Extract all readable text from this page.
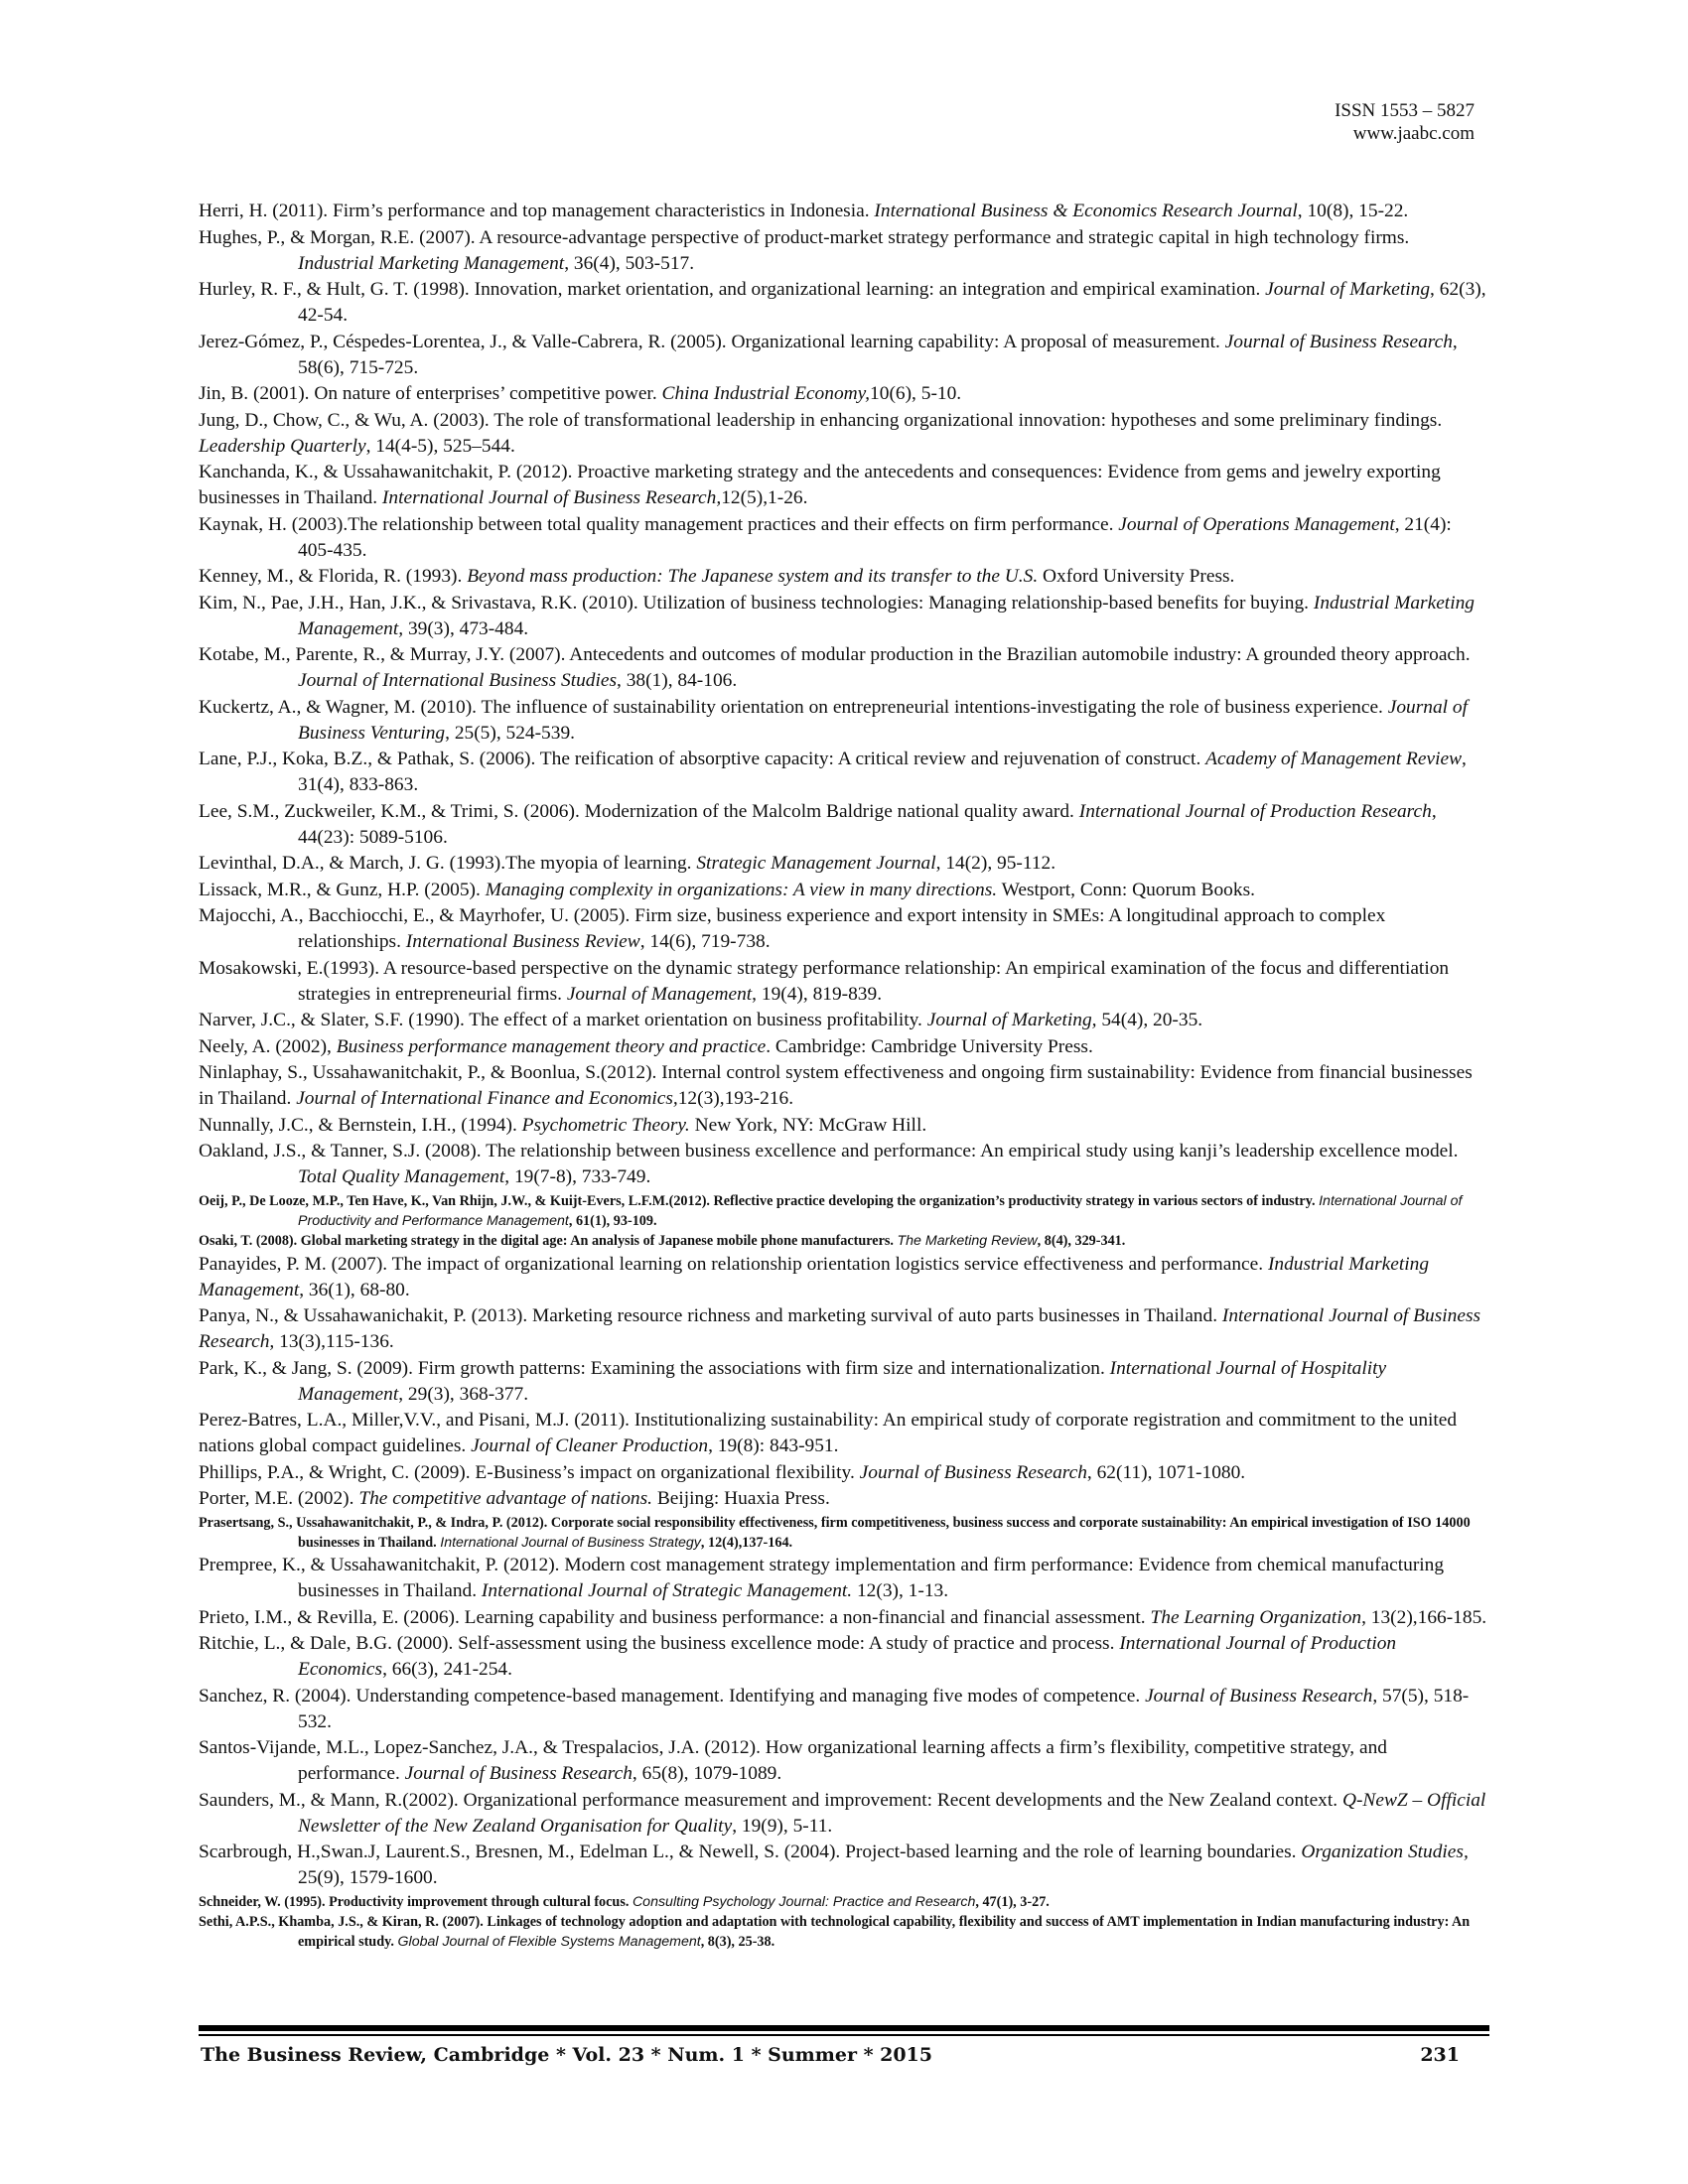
ISSN 1553 – 5827
www.jaabc.com

Herri, H. (2011). Firm’s performance and top management characteristics in Indonesia. International Business & Economics Research Journal, 10(8), 15-22.

Hughes, P., & Morgan, R.E. (2007). A resource-advantage perspective of product-market strategy performance and strategic capital in high technology firms. Industrial Marketing Management, 36(4), 503-517.

Hurley, R. F., & Hult, G. T. (1998). Innovation, market orientation, and organizational learning: an integration and empirical examination. Journal of Marketing, 62(3), 42-54.

Jerez-Gómez, P., Céspedes-Lorentea, J., & Valle-Cabrera, R. (2005). Organizational learning capability: A proposal of measurement. Journal of Business Research, 58(6), 715-725.

Jin, B. (2001). On nature of enterprises’ competitive power. China Industrial Economy,10(6), 5-10.

Jung, D., Chow, C., & Wu, A. (2003). The role of transformational leadership in enhancing organizational innovation: hypotheses and some preliminary findings. Leadership Quarterly, 14(4-5), 525–544.

Kanchanda, K., & Ussahawanitchakit, P. (2012). Proactive marketing strategy and the antecedents and consequences: Evidence from gems and jewelry exporting businesses in Thailand. International Journal of Business Research,12(5),1-26.

Kaynak, H. (2003).The relationship between total quality management practices and their effects on firm performance. Journal of Operations Management, 21(4): 405-435.

Kenney, M., & Florida, R. (1993). Beyond mass production: The Japanese system and its transfer to the U.S. Oxford University Press.

Kim, N., Pae, J.H., Han, J.K., & Srivastava, R.K. (2010). Utilization of business technologies: Managing relationship-based benefits for buying. Industrial Marketing Management, 39(3), 473-484.

Kotabe, M., Parente, R., & Murray, J.Y. (2007). Antecedents and outcomes of modular production in the Brazilian automobile industry: A grounded theory approach. Journal of International Business Studies, 38(1), 84-106.

Kuckertz, A., & Wagner, M. (2010). The influence of sustainability orientation on entrepreneurial intentions-investigating the role of business experience. Journal of Business Venturing, 25(5), 524-539.

Lane, P.J., Koka, B.Z., & Pathak, S. (2006). The reification of absorptive capacity: A critical review and rejuvenation of construct. Academy of Management Review, 31(4), 833-863.

Lee, S.M., Zuckweiler, K.M., & Trimi, S. (2006). Modernization of the Malcolm Baldrige national quality award. International Journal of Production Research, 44(23): 5089-5106.

Levinthal, D.A., & March, J. G. (1993).The myopia of learning. Strategic Management Journal, 14(2), 95-112.

Lissack, M.R., & Gunz, H.P. (2005). Managing complexity in organizations: A view in many directions. Westport, Conn: Quorum Books.

Majocchi, A., Bacchiocchi, E., & Mayrhofer, U. (2005). Firm size, business experience and export intensity in SMEs: A longitudinal approach to complex relationships. International Business Review, 14(6), 719-738.

Mosakowski, E.(1993). A resource-based perspective on the dynamic strategy performance relationship: An empirical examination of the focus and differentiation strategies in entrepreneurial firms. Journal of Management, 19(4), 819-839.

Narver, J.C., & Slater, S.F. (1990). The effect of a market orientation on business profitability. Journal of Marketing, 54(4), 20-35.

Neely, A. (2002), Business performance management theory and practice. Cambridge: Cambridge University Press.

Ninlaphay, S., Ussahawanitchakit, P., & Boonlua, S.(2012). Internal control system effectiveness and ongoing firm sustainability: Evidence from financial businesses in Thailand. Journal of International Finance and Economics,12(3),193-216.

Nunnally, J.C., & Bernstein, I.H., (1994). Psychometric Theory. New York, NY: McGraw Hill.

Oakland, J.S., & Tanner, S.J. (2008). The relationship between business excellence and performance: An empirical study using kanji’s leadership excellence model. Total Quality Management, 19(7-8), 733-749.

Oeij, P., De Looze, M.P., Ten Have, K., Van Rhijn, J.W., & Kuijt-Evers, L.F.M.(2012). Reflective practice developing the organization’s productivity strategy in various sectors of industry. International Journal of Productivity and Performance Management, 61(1), 93-109.

Osaki, T. (2008). Global marketing strategy in the digital age: An analysis of Japanese mobile phone manufacturers. The Marketing Review, 8(4), 329-341.

Panayides, P. M. (2007). The impact of organizational learning on relationship orientation logistics service effectiveness and performance. Industrial Marketing Management, 36(1), 68-80.

Panya, N., & Ussahawanichakit, P. (2013). Marketing resource richness and marketing survival of auto parts businesses in Thailand. International Journal of Business Research, 13(3),115-136.

Park, K., & Jang, S. (2009). Firm growth patterns: Examining the associations with firm size and internationalization. International Journal of Hospitality Management, 29(3), 368-377.

Perez-Batres, L.A., Miller,V.V., and Pisani, M.J. (2011). Institutionalizing sustainability: An empirical study of corporate registration and commitment to the united nations global compact guidelines. Journal of Cleaner Production, 19(8): 843-951.

Phillips, P.A., & Wright, C. (2009). E-Business’s impact on organizational flexibility. Journal of Business Research, 62(11), 1071-1080.

Porter, M.E. (2002). The competitive advantage of nations. Beijing: Huaxia Press.

Prasertsang, S., Ussahawanitchakit, P., & Indra, P. (2012). Corporate social responsibility effectiveness, firm competitiveness, business success and corporate sustainability: An empirical investigation of ISO 14000 businesses in Thailand. International Journal of Business Strategy, 12(4),137-164.

Prempree, K., & Ussahawanitchakit, P. (2012). Modern cost management strategy implementation and firm performance: Evidence from chemical manufacturing businesses in Thailand. International Journal of Strategic Management. 12(3), 1-13.

Prieto, I.M., & Revilla, E. (2006). Learning capability and business performance: a non-financial and financial assessment. The Learning Organization, 13(2),166-185.

Ritchie, L., & Dale, B.G. (2000). Self-assessment using the business excellence mode: A study of practice and process. International Journal of Production Economics, 66(3), 241-254.

Sanchez, R. (2004). Understanding competence-based management. Identifying and managing five modes of competence. Journal of Business Research, 57(5), 518-532.

Santos-Vijande, M.L., Lopez-Sanchez, J.A., & Trespalacios, J.A. (2012). How organizational learning affects a firm’s flexibility, competitive strategy, and performance. Journal of Business Research, 65(8), 1079-1089.

Saunders, M., & Mann, R.(2002). Organizational performance measurement and improvement: Recent developments and the New Zealand context. Q-NewZ – Official Newsletter of the New Zealand Organisation for Quality, 19(9), 5-11.

Scarbrough, H.,Swan.J, Laurent.S., Bresnen, M., Edelman L., & Newell, S. (2004). Project-based learning and the role of learning boundaries. Organization Studies, 25(9), 1579-1600.

Schneider, W. (1995). Productivity improvement through cultural focus. Consulting Psychology Journal: Practice and Research, 47(1), 3-27.

Sethi, A.P.S., Khamba, J.S., & Kiran, R. (2007). Linkages of technology adoption and adaptation with technological capability, flexibility and success of AMT implementation in Indian manufacturing industry: An empirical study. Global Journal of Flexible Systems Management, 8(3), 25-38.

The Business Review, Cambridge * Vol. 23 * Num. 1 * Summer * 2015	231
